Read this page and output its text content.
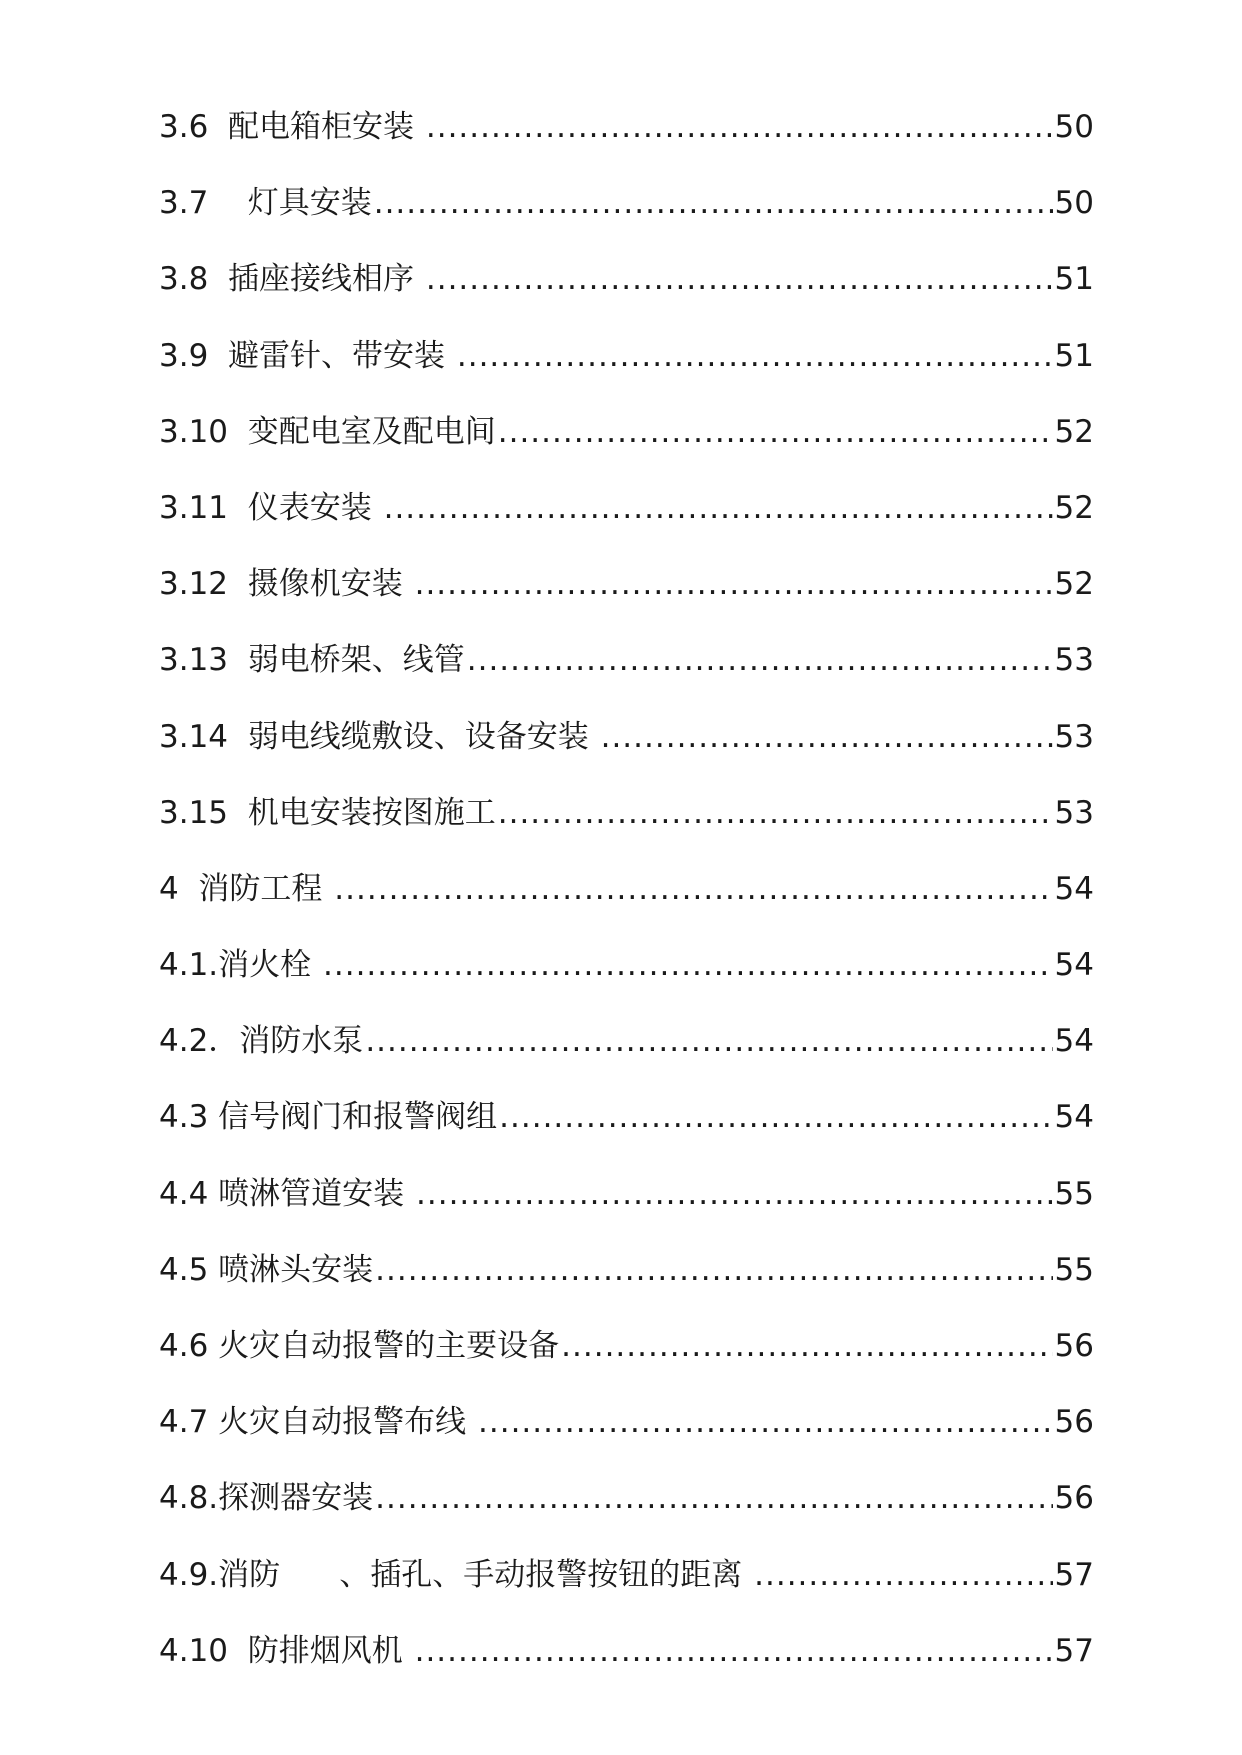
3.6  配电箱柜安装 .....	50
3.7    灯具安装 .....	50
3.8  插座接线相序 .....	51
3.9  避雷针、带安装 .....	51
3.10  变配电室及配电间 .....	52
3.11  仪表安装 .....	52
3.12  摄像机安装 .....	52
3.13  弱电桥架、线管 .....	53
3.14  弱电线缆敷设、设备安装 .....	53
3.15  机电安装按图施工 .....	53
4  消防工程 .....	54
4.1.消火栓 .....	54
4.2．消防水泵 .....	54
4.3 信号阀门和报警阀组 .....	54
4.4 喷淋管道安装 .....	55
4.5 喷淋头安装 .....	55
4.6 火灾自动报警的主要设备 .....	56
4.7 火灾自动报警布线 .....	56
4.8.探测器安装 .....	56
4.9.消防      、插孔、手动报警按钮的距离 .....	57
4.10  防排烟风机 .....	57
